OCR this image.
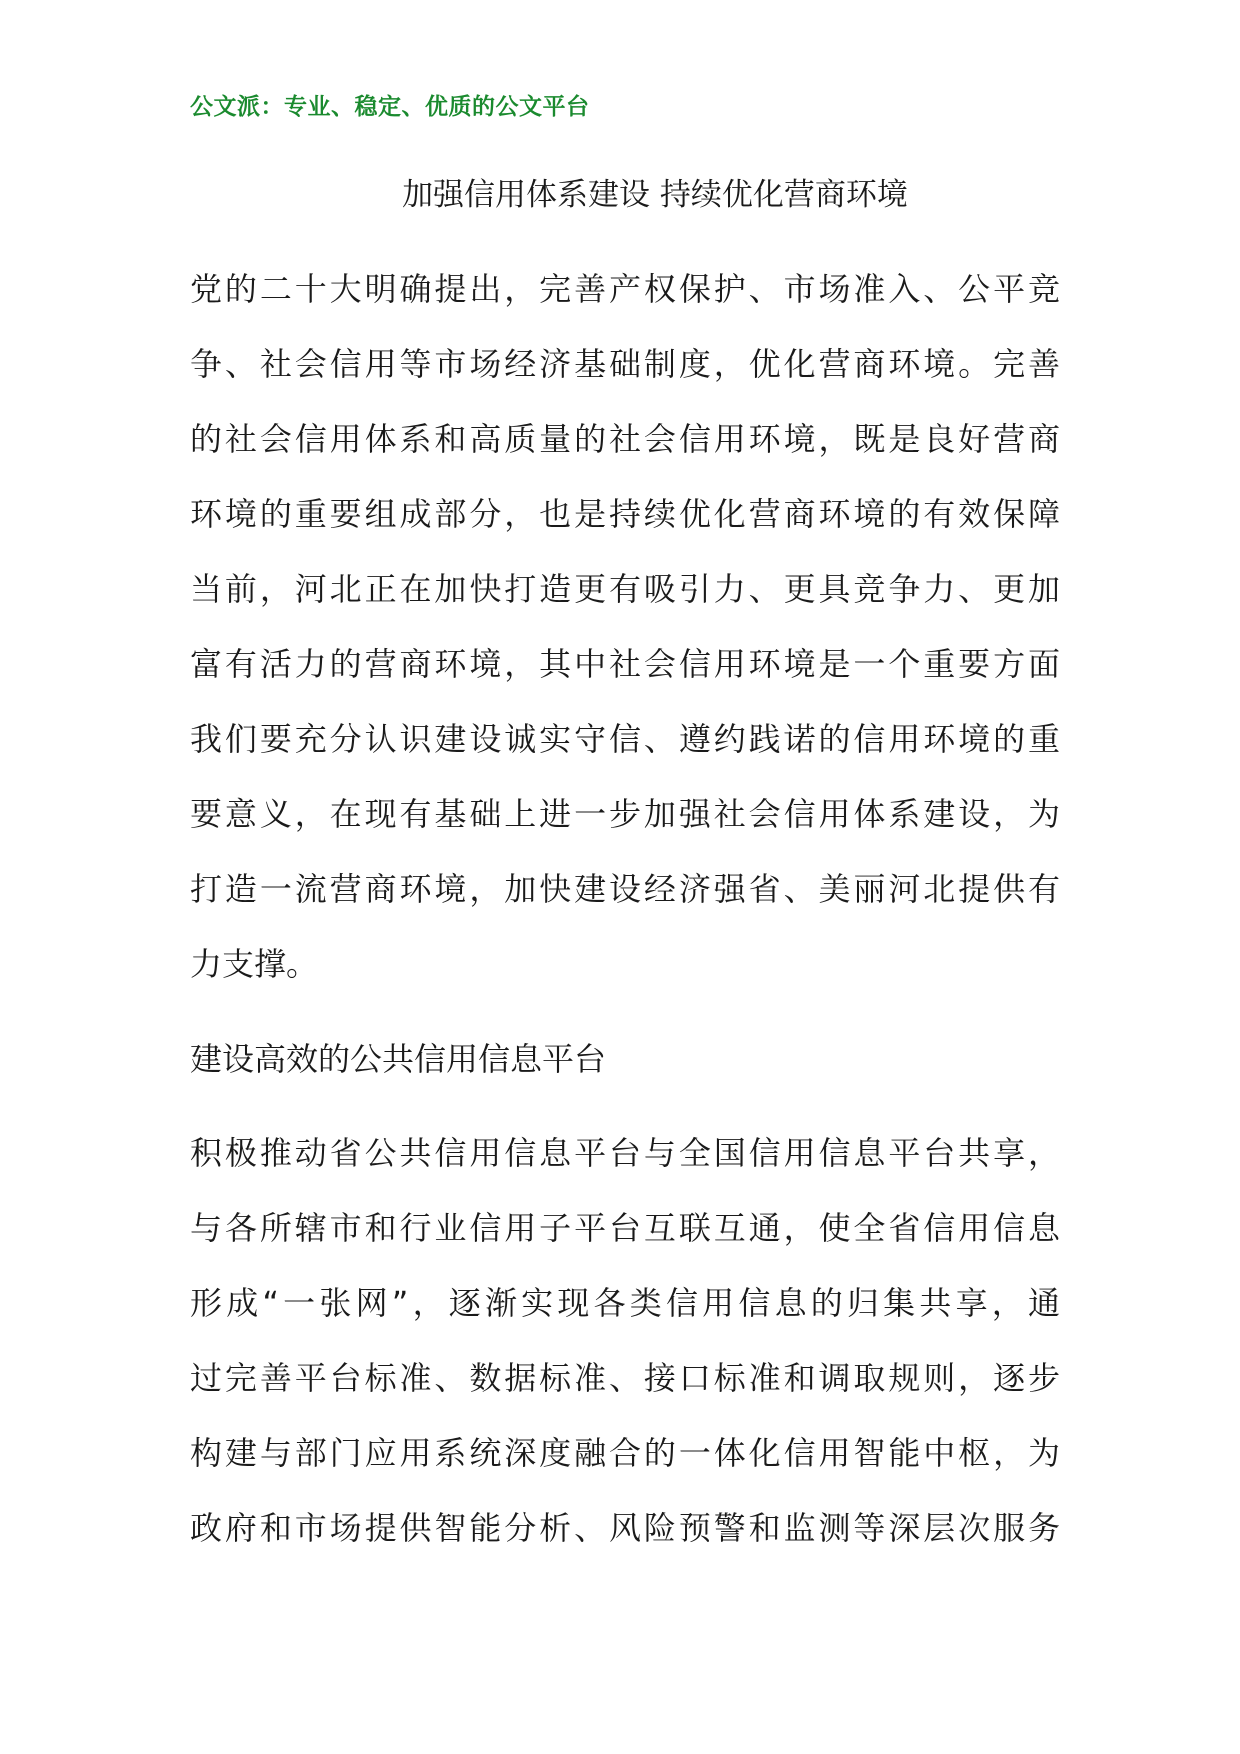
公文派：专业、稳定、优质的公文平台
加强信用体系建设 持续优化营商环境
党的二十大明确提出，完善产权保护、市场准入、公平竞
争、社会信用等市场经济基础制度，优化营商环境。完善
的社会信用体系和高质量的社会信用环境，既是良好营商
环境的重要组成部分，也是持续优化营商环境的有效保障
当前，河北正在加快打造更有吸引力、更具竞争力、更加
富有活力的营商环境，其中社会信用环境是一个重要方面
我们要充分认识建设诚实守信、遵约践诺的信用环境的重
要意义，在现有基础上进一步加强社会信用体系建设，为
打造一流营商环境，加快建设经济强省、美丽河北提供有
力支撑。
建设高效的公共信用信息平台
积极推动省公共信用信息平台与全国信用信息平台共享，
与各所辖市和行业信用子平台互联互通，使全省信用信息
形成“一张网”，逐渐实现各类信用信息的归集共享，通
过完善平台标准、数据标准、接口标准和调取规则，逐步
构建与部门应用系统深度融合的一体化信用智能中枢，为
政府和市场提供智能分析、风险预警和监测等深层次服务
